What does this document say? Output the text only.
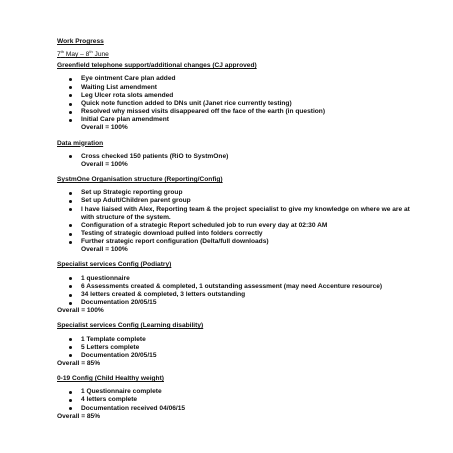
Work Progress

7th May – 8th June

Greenfield telephone support/additional changes (CJ approved)

Eye ointment Care plan added
Waiting List amendment
Leg Ulcer rota slots amended
Quick note function added to DNs unit (Janet rice currently testing)
Resolved why missed visits disappeared off the face of the earth (in question)
Initial Care plan amendment

Overall = 100%

Data migration

Cross checked 150 patients (RiO to SystmOne)

Overall = 100%

SystmOne Organisation structure (Reporting/Config)

Set up Strategic reporting group
Set up Adult/Children parent group
I have liaised with Alex, Reporting team & the project specialist to give my knowledge on where we are at with structure of the system.
Configuration of a strategic Report scheduled job to run every day at 02:30 AM
Testing of strategic download pulled into folders correctly
Further strategic report configuration (Delta/full downloads)

Overall = 100%

Specialist services Config (Podiatry)

1 questionnaire
6 Assessments created & completed, 1 outstanding assessment (may need Accenture resource)
34 letters created & completed, 3 letters outstanding
Documentation 20/05/15

Overall = 100%

Specialist services Config (Learning disability)

1 Template complete
5 Letters complete
Documentation 20/05/15

Overall = 85%

0-19 Config (Child Healthy weight)

1 Questionnaire complete
4 letters complete
Documentation received 04/06/15

Overall = 85%
